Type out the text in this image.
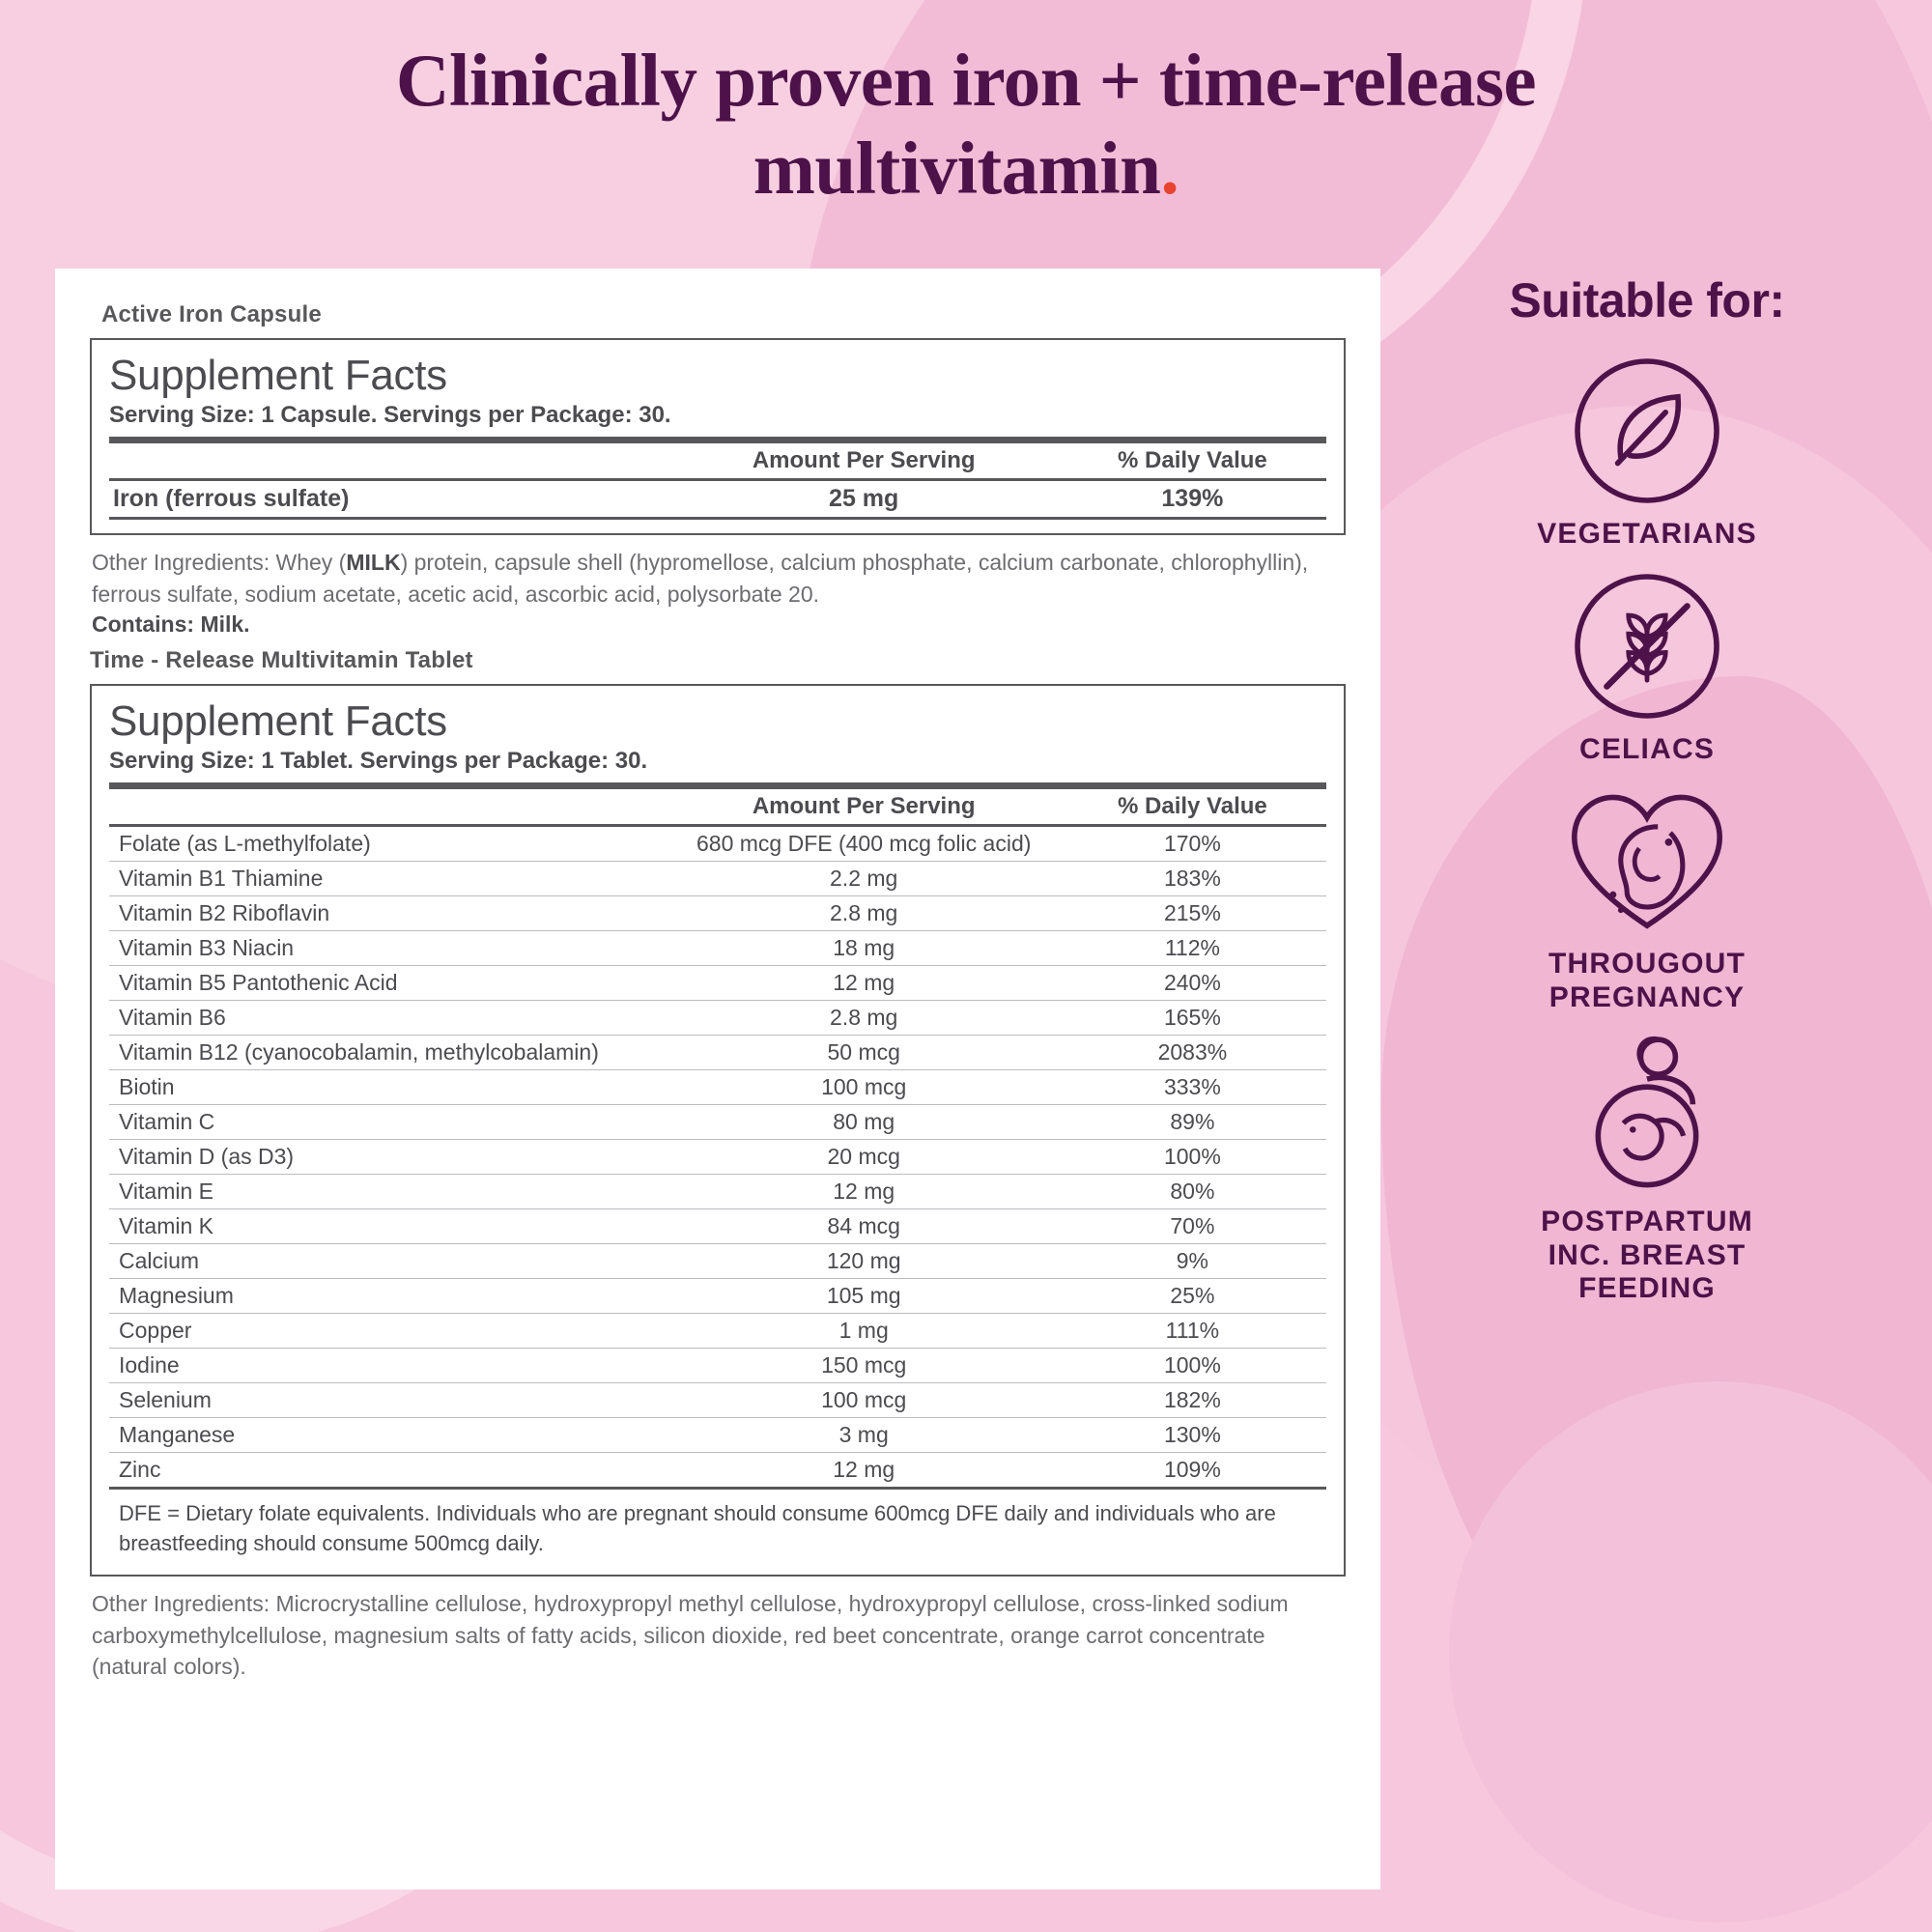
Clinically proven iron + time-release
multivitamin.
Active Iron Capsule
Supplement Facts
Serving Size: 1 Capsule. Servings per Package: 30.
	Amount Per Serving	% Daily Value
Iron (ferrous sulfate)	25 mg	139%
Other Ingredients: Whey (MILK) protein, capsule shell (hypromellose, calcium phosphate, calcium carbonate, chlorophyllin), ferrous sulfate, sodium acetate, acetic acid, ascorbic acid, polysorbate 20.
Contains: Milk.
Time - Release Multivitamin Tablet
Supplement Facts
Serving Size: 1 Tablet. Servings per Package: 30.
	Amount Per Serving	% Daily Value
Folate (as L-methylfolate)	680 mcg DFE (400 mcg folic acid)	170%
Vitamin B1 Thiamine	2.2 mg	183%
Vitamin B2 Riboflavin	2.8 mg	215%
Vitamin B3 Niacin	18 mg	112%
Vitamin B5 Pantothenic Acid	12 mg	240%
Vitamin B6	2.8 mg	165%
Vitamin B12 (cyanocobalamin, methylcobalamin)	50 mcg	2083%
Biotin	100 mcg	333%
Vitamin C	80 mg	89%
Vitamin D (as D3)	20 mcg	100%
Vitamin E	12 mg	80%
Vitamin K	84 mcg	70%
Calcium	120 mg	9%
Magnesium	105 mg	25%
Copper	1 mg	111%
Iodine	150 mcg	100%
Selenium	100 mcg	182%
Manganese	3 mg	130%
Zinc	12 mg	109%
DFE = Dietary folate equivalents. Individuals who are pregnant should consume 600mcg DFE daily and individuals who are breastfeeding should consume 500mcg daily.
Other Ingredients: Microcrystalline cellulose, hydroxypropyl methyl cellulose, hydroxypropyl cellulose, cross-linked sodium carboxymethylcellulose, magnesium salts of fatty acids, silicon dioxide, red beet concentrate, orange carrot concentrate (natural colors).
Suitable for:
VEGETARIANS
CELIACS
THROUGOUT
PREGNANCY
POSTPARTUM
INC. BREAST
FEEDING
